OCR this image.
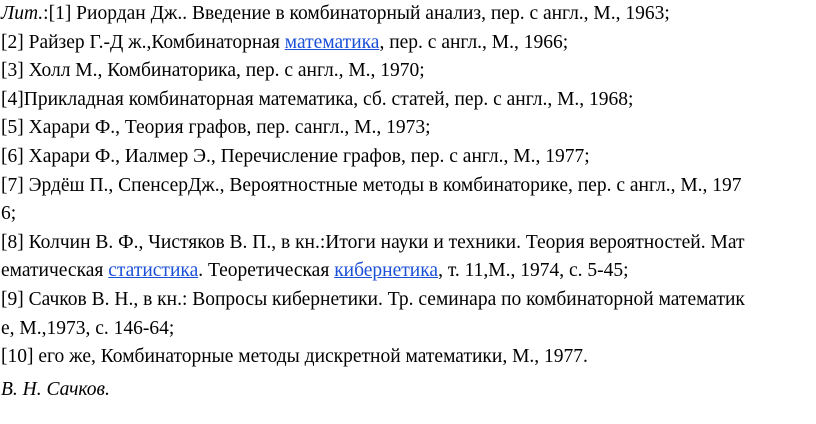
Лит.:[1] Риордан Дж.. Введение в комбинаторный анализ, пер. с англ., М., 1963;
[2] Райзер Г.-Д ж.,Комбинаторная математика, пер. с англ., М., 1966;
[3] Холл М., Комбинаторика, пер. с англ., М., 1970;
[4]Прикладная комбинаторная математика, сб. статей, пер. с англ., М., 1968;
[5] Харари Ф., Теория графов, пер. сангл., М., 1973;
[6] Харари Ф., Иалмер Э., Перечисление графов, пер. с англ., М., 1977;
[7] Эрдёш П., СпенсерДж., Вероятностные методы в комбинаторике, пер. с англ., М., 197
6;
[8] Колчин В. Ф., Чистяков В. П., в кн.:Итоги науки и техники. Теория вероятностей. Мат
ематическая статистика. Теоретическая кибернетика, т. 11,М., 1974, с. 5-45;
[9] Сачков В. Н., в кн.: Вопросы кибернетики. Тр. семинара по комбинаторной математик
е, М.,1973, с. 146-64;
[10] его же, Комбинаторные методы дискретной математики, М., 1977.
В. Н. Сачков.
